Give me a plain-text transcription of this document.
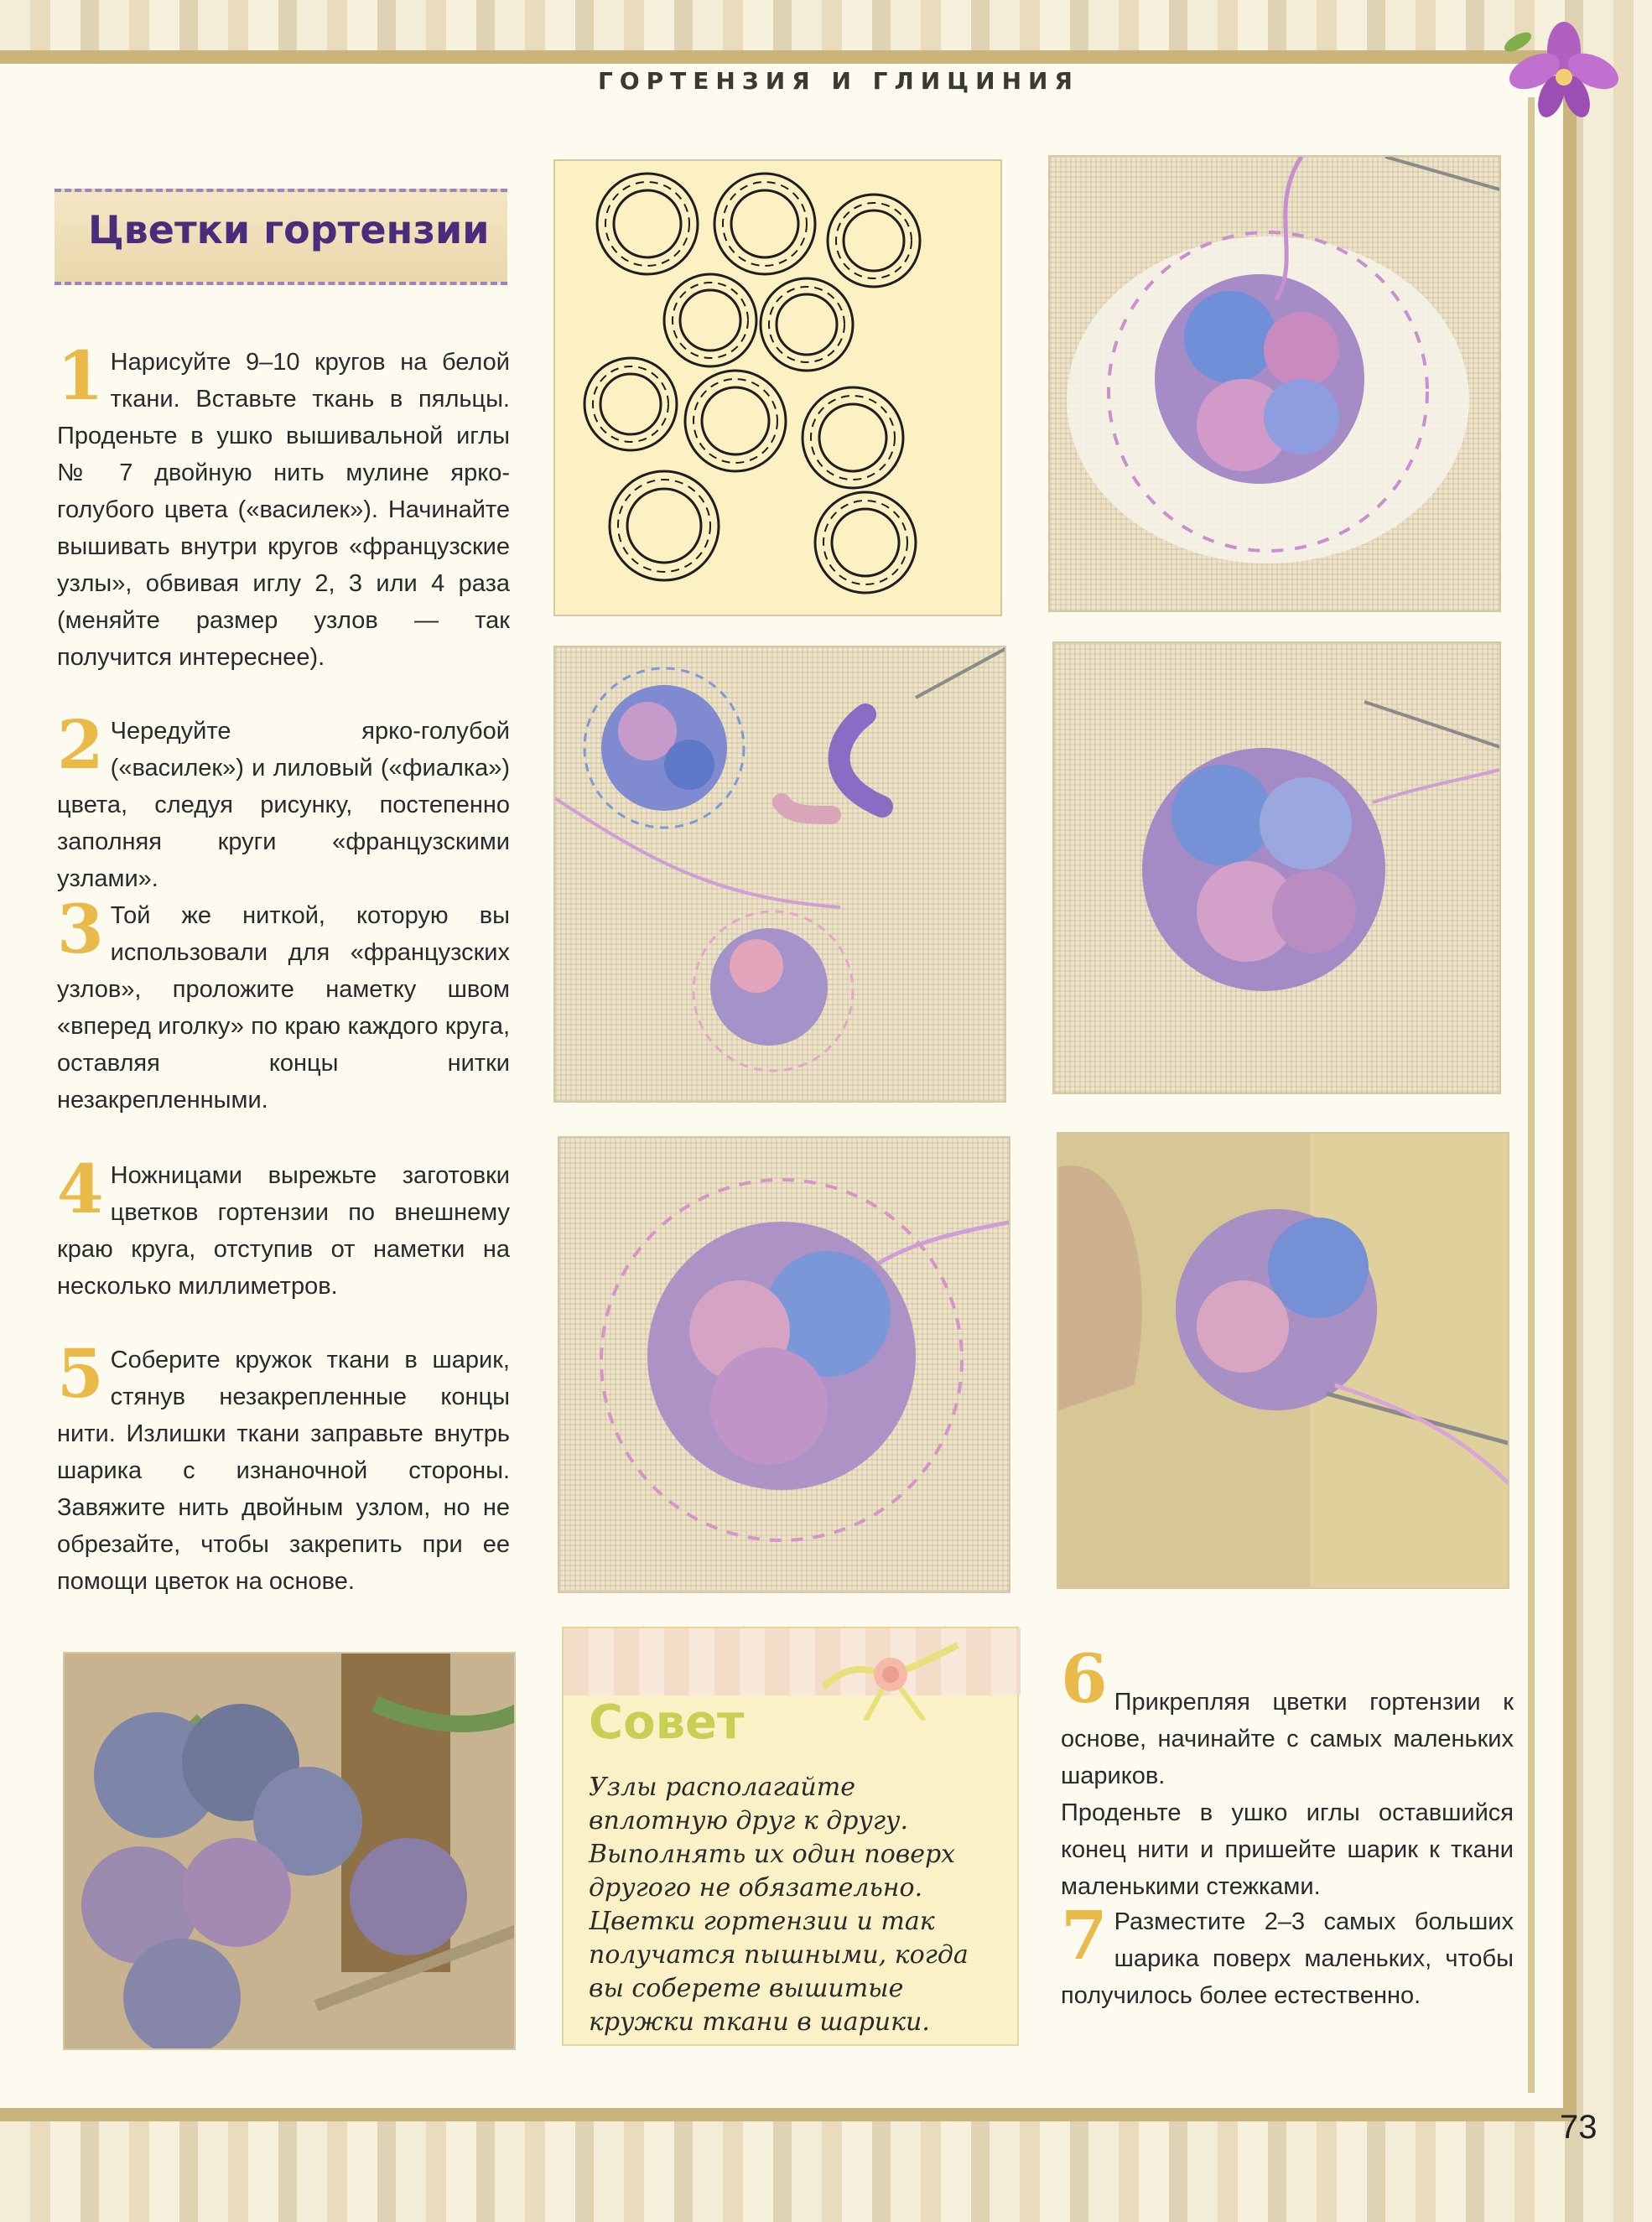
ГОРТЕНЗИЯ И ГЛИЦИНИЯ
Цветки гортензии
1 Нарисуйте 9–10 кругов на белой ткани. Вставьте ткань в пяльцы. Проденьте в ушко вышивальной иглы № 7 двойную нить мулине ярко-голубого цвета («василек»). Начинайте вышивать внутри кругов «французские узлы», обвивая иглу 2, 3 или 4 раза (меняйте размер узлов — так получится интереснее).
2 Чередуйте ярко-голубой («василек») и лиловый («фиалка») цвета, следуя рисунку, постепенно заполняя круги «французскими узлами».
3 Той же ниткой, которую вы использовали для «французских узлов», проложите наметку швом «вперед иголку» по краю каждого круга, оставляя концы нитки незакрепленными.
4 Ножницами вырежьте заготовки цветков гортензии по внешнему краю круга, отступив от наметки на несколько миллиметров.
5 Соберите кружок ткани в шарик, стянув незакрепленные концы нити. Излишки ткани заправьте внутрь шарика с изнаночной стороны. Завяжите нить двойным узлом, но не обрезайте, чтобы закрепить при ее помощи цветок на основе.
Совет
Узлы располагайте вплотную друг к другу. Выполнять их один поверх другого не обязательно. Цветки гортензии и так получатся пышными, когда вы соберете вышитые кружки ткани в шарики.

6 Прикрепляя цветки гортензии к основе, начинайте с самых маленьких шариков.
Проденьте в ушко иглы оставшийся конец нити и пришейте шарик к ткани маленькими стежками.

7 Разместите 2–3 самых больших шарика поверх маленьких, чтобы получилось более естественно.
73
